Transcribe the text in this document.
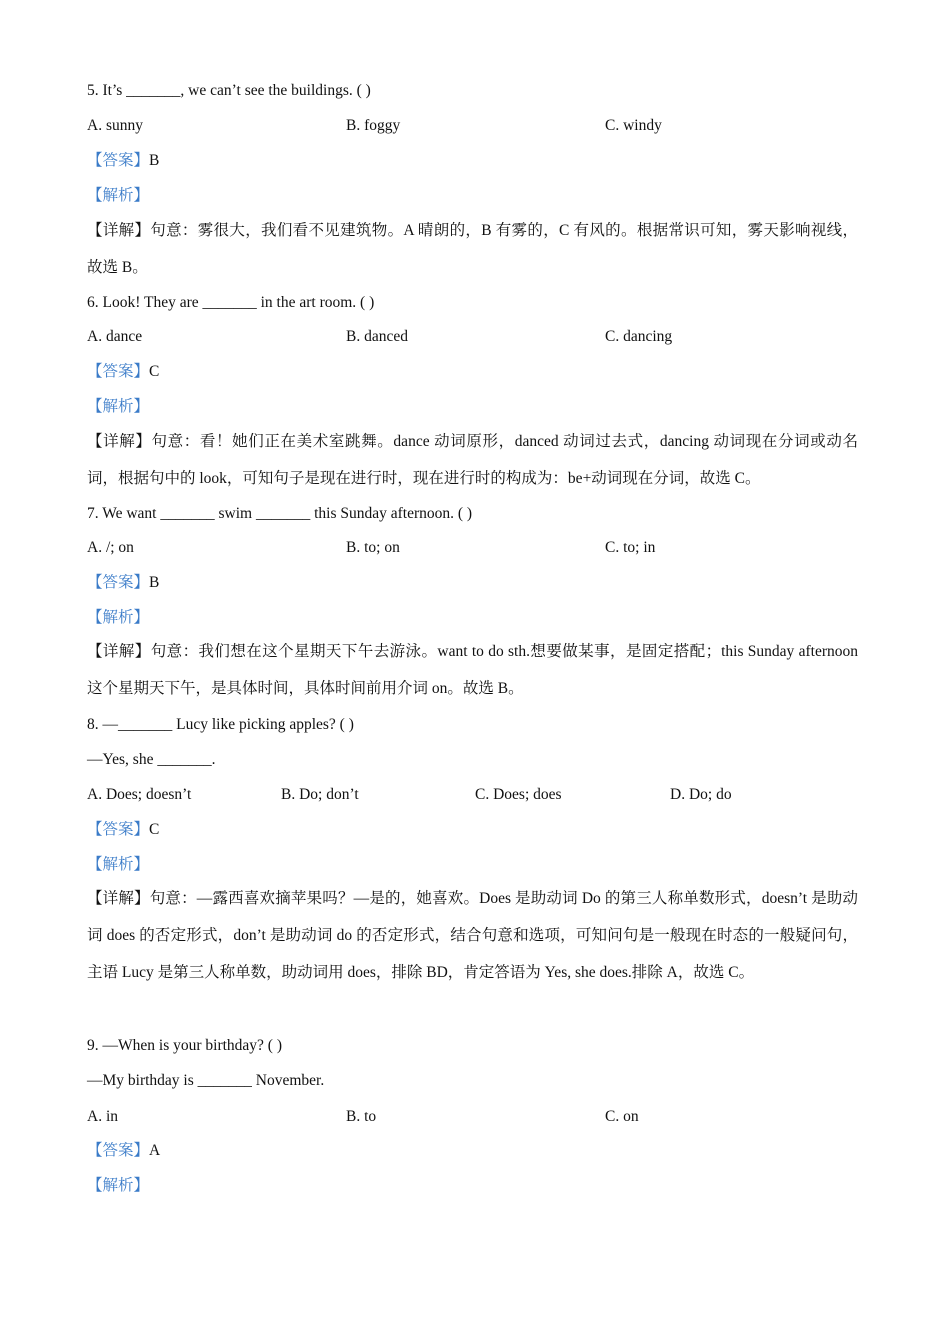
5. It’s _______, we can’t see the buildings. ( )
A. sunny	B. foggy	C. windy
【答案】B
【解析】
【详解】句意：雾很大，我们看不见建筑物。A 晴朗的，B 有雾的，C 有风的。根据常识可知，雾天影响视线，故选 B。
6. Look! They are _______ in the art room. ( )
A. dance	B. danced	C. dancing
【答案】C
【解析】
【详解】句意：看！她们正在美术室跳舞。dance 动词原形，danced 动词过去式，dancing 动词现在分词或动名词，根据句中的 look，可知句子是现在进行时，现在进行时的构成为：be+动词现在分词，故选 C。
7. We want _______ swim _______ this Sunday afternoon. ( )
A. /; on	B. to; on	C. to; in
【答案】B
【解析】
【详解】句意：我们想在这个星期天下午去游泳。want to do sth.想要做某事，是固定搭配；this Sunday afternoon 这个星期天下午，是具体时间，具体时间前用介词 on。故选 B。
8. —_______ Lucy like picking apples? ( )
—Yes, she _______.
A. Does; doesn’t	B. Do; don’t	C. Does; does	D. Do; do
【答案】C
【解析】
【详解】句意：—露西喜欢摘苹果吗？—是的，她喜欢。Does 是助动词 Do 的第三人称单数形式，doesn’t 是助动词 does 的否定形式，don’t 是助动词 do 的否定形式，结合句意和选项，可知问句是一般现在时态的一般疑问句，主语 Lucy 是第三人称单数，助动词用 does，排除 BD，肯定答语为 Yes, she does.排除 A，故选 C。
9. —When is your birthday? ( )
—My birthday is _______ November.
A. in	B. to	C. on
【答案】A
【解析】
